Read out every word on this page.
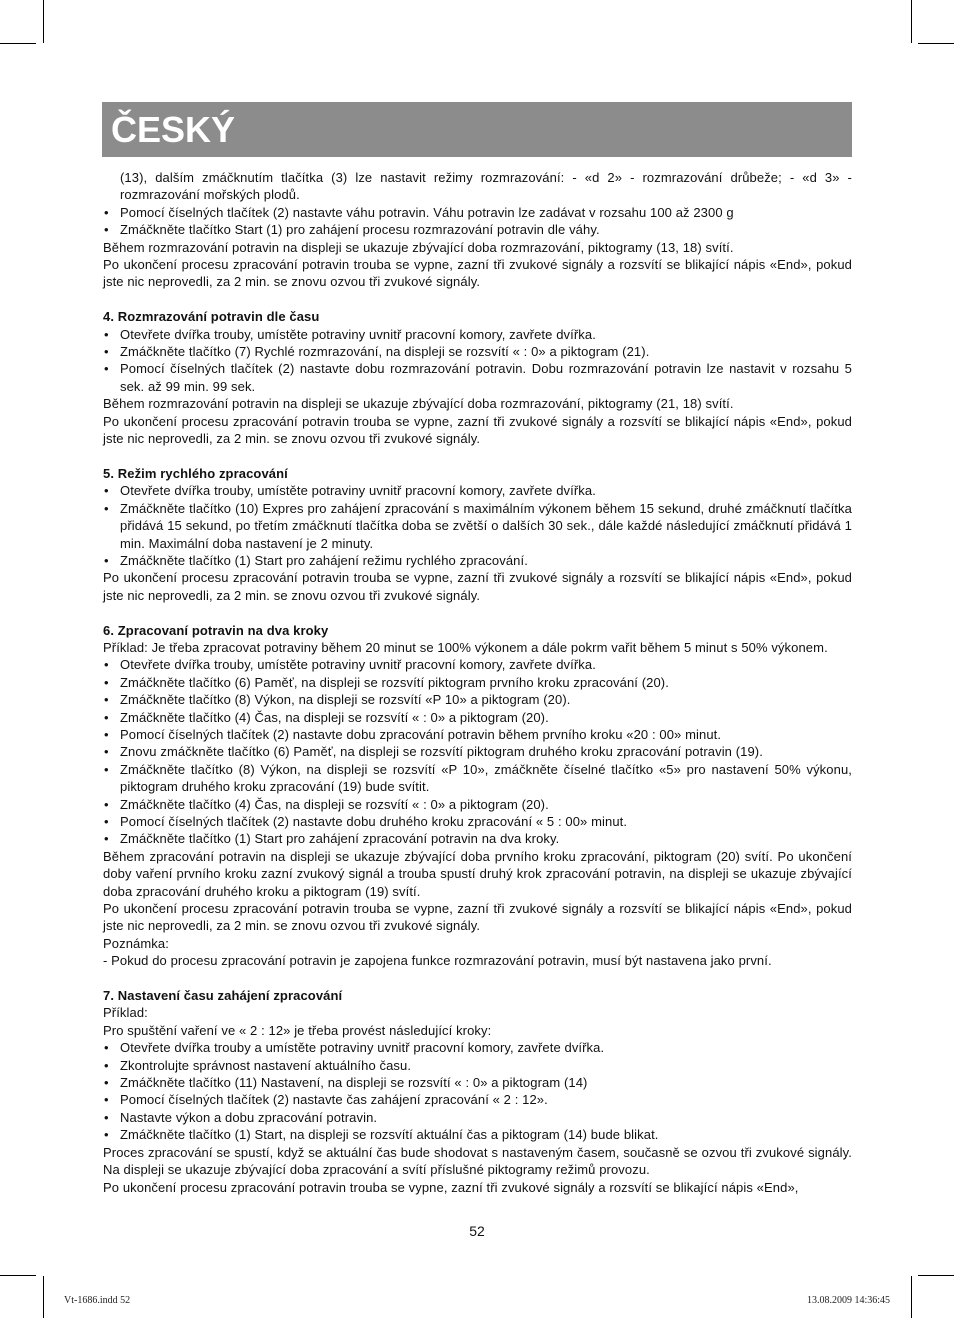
ČESKÝ

(13), dalším zmáčknutím tlačítka (3) lze nastavit režimy rozmrazování: - «d 2» - rozmrazování drůbeže; - «d 3» - rozmrazování mořských plodů.

• Pomocí číselných tlačítek (2) nastavte váhu potravin. Váhu potravin lze zadávat v rozsahu 100 až 2300 g
• Zmáčkněte tlačítko Start (1) pro zahájení procesu rozmrazování potravin dle váhy.

Během rozmrazování potravin na displeji se ukazuje zbývající doba rozmrazování, piktogramy (13, 18) svítí.

Po ukončení procesu zpracování potravin trouba se vypne, zazní tři zvukové signály a rozsvítí se blikající nápis «End», pokud jste nic neprovedli, za 2 min. se znovu ozvou tři zvukové signály.

4. Rozmrazování potravin dle času
• Otevřete dvířka trouby, umístěte potraviny uvnitř pracovní komory, zavřete dvířka.
• Zmáčkněte tlačítko (7) Rychlé rozmrazování, na displeji se rozsvítí « : 0» a piktogram (21).
• Pomocí číselných tlačítek (2) nastavte dobu rozmrazování potravin. Dobu rozmrazování potravin lze nastavit v rozsahu 5 sek. až 99 min. 99 sek.

Během rozmrazování potravin na displeji se ukazuje zbývající doba rozmrazování, piktogramy (21, 18) svítí.

Po ukončení procesu zpracování potravin trouba se vypne, zazní tři zvukové signály a rozsvítí se blikající nápis «End», pokud jste nic neprovedli, za 2 min. se znovu ozvou tři zvukové signály.

5. Režim rychlého zpracování
• Otevřete dvířka trouby, umístěte potraviny uvnitř pracovní komory, zavřete dvířka.
• Zmáčkněte tlačítko (10) Expres pro zahájení zpracování s maximálním výkonem během 15 sekund, druhé zmáčknutí tlačítka přidává 15 sekund, po třetím zmáčknutí tlačítka doba se zvětší o dalších 30 sek., dále každé následující zmáčknutí přidává 1 min. Maximální doba nastavení je 2 minuty.
• Zmáčkněte tlačítko (1) Start pro zahájení režimu rychlého zpracování.

Po ukončení procesu zpracování potravin trouba se vypne, zazní tři zvukové signály a rozsvítí se blikající nápis «End», pokud jste nic neprovedli, za 2 min. se znovu ozvou tři zvukové signály.

6. Zpracovaní potravin na dva kroky

Příklad: Je třeba zpracovat potraviny během 20 minut se 100% výkonem a dále pokrm vařit během 5 minut s 50% výkonem.

• Otevřete dvířka trouby, umístěte potraviny uvnitř pracovní komory, zavřete dvířka.
• Zmáčkněte tlačítko (6) Paměť, na displeji se rozsvítí piktogram prvního kroku zpracování (20).
• Zmáčkněte tlačítko (8) Výkon, na displeji se rozsvítí «P 10» a piktogram (20).
• Zmáčkněte tlačítko (4) Čas, na displeji se rozsvítí « : 0» a piktogram (20).
• Pomocí číselných tlačítek (2) nastavte dobu zpracování potravin během prvního kroku «20 : 00» minut.
• Znovu zmáčkněte tlačítko (6) Paměť, na displeji se rozsvítí piktogram druhého kroku zpracování potravin (19).
• Zmáčkněte tlačítko (8) Výkon, na displeji se rozsvítí «P 10», zmáčkněte číselné tlačítko «5» pro nastavení 50% výkonu, piktogram druhého kroku zpracování (19) bude svítit.
• Zmáčkněte tlačítko (4) Čas, na displeji se rozsvítí « : 0» a piktogram (20).
• Pomocí číselných tlačítek (2) nastavte dobu druhého kroku zpracování « 5 : 00» minut.
• Zmáčkněte tlačítko (1) Start pro zahájení zpracování potravin na dva kroky.

Během zpracování potravin na displeji se ukazuje zbývající doba prvního kroku zpracování, piktogram (20) svítí. Po ukončení doby vaření prvního kroku zazní zvukový signál a trouba spustí druhý krok zpracování potravin, na displeji se ukazuje zbývající doba zpracování druhého kroku a piktogram (19) svítí.

Po ukončení procesu zpracování potravin trouba se vypne, zazní tři zvukové signály a rozsvítí se blikající nápis «End», pokud jste nic neprovedli, za 2 min. se znovu ozvou tři zvukové signály.

Poznámka:

- Pokud do procesu zpracování potravin je zapojena funkce rozmrazování potravin, musí být nastavena jako první.

7. Nastavení času zahájení zpracování

Příklad:

Pro spuštění vaření ve « 2 : 12» je třeba provést následující kroky:

• Otevřete dvířka trouby a umístěte potraviny uvnitř pracovní komory, zavřete dvířka.
• Zkontrolujte správnost nastavení aktuálního času.
• Zmáčkněte tlačítko (11) Nastavení, na displeji se rozsvítí « : 0» a piktogram (14)
• Pomocí číselných tlačítek (2) nastavte čas zahájení zpracování « 2 : 12».
• Nastavte výkon a dobu zpracování potravin.
• Zmáčkněte tlačítko (1) Start, na displeji se rozsvítí aktuální čas a piktogram (14) bude blikat.

Proces zpracování se spustí, když se aktuální čas bude shodovat s nastaveným časem, současně se ozvou tři zvukové signály. Na displeji se ukazuje zbývající doba zpracování a svítí příslušné piktogramy režimů provozu.

Po ukončení procesu zpracování potravin trouba se vypne, zazní tři zvukové signály a rozsvítí se blikající nápis «End»,

52
Vt-1686.indd 52	13.08.2009 14:36:45
